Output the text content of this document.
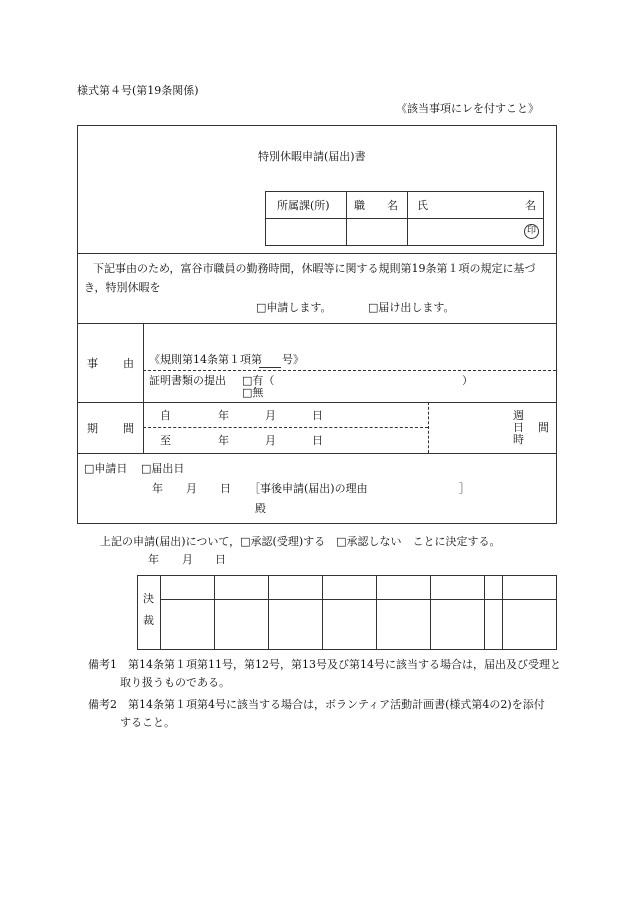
様式第４号(第19条関係)
《該当事項にレを付すこと》
特別休暇申請(届出)書
所属課(所) 職　　名 氏	名
印
下記事由のため，富谷市職員の勤務時間，休暇等に関する規則第19条第１項の規定に基づ
き，特別休暇を
□申請します。	□届け出します。
事 由 《規則第14条第１項第 号》
証明書類の提出 □有（	）
□無
期 間
自	年	月	日
至	年	月	日
週
日
時
間
□申請日 □届出日
年 月 日 ［事後申請(届出)の理由	］
殿
上記の申請(届出)について，□承認(受理)する　□承認しない　ことに決定する。
年 月 日
決
裁
備考1　第14条第１項第11号，第12号，第13号及び第14号に該当する場合は，届出及び受理と
取り扱うものである。
備考2　第14条第１項第4号に該当する場合は，ボランティア活動計画書(様式第4の2)を添付
すること。
